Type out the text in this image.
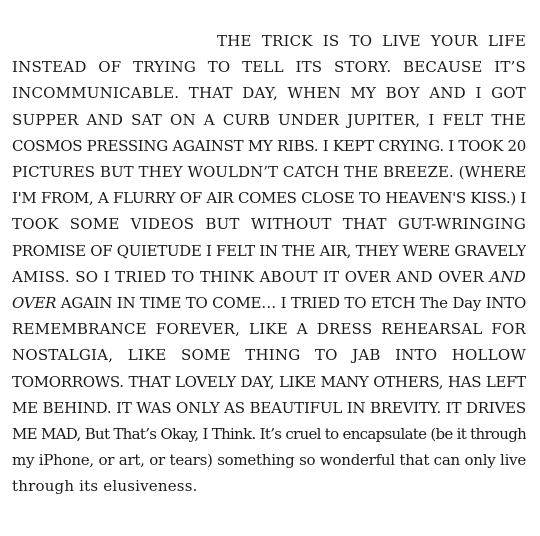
THE TRICK IS TO LIVE YOUR LIFE
INSTEAD OF TRYING TO TELL ITS STORY. BECAUSE IT’S
INCOMMUNICABLE. THAT DAY, WHEN MY BOY AND I GOT
SUPPER AND SAT ON A CURB UNDER JUPITER, I FELT THE
COSMOS PRESSING AGAINST MY RIBS. I KEPT CRYING. I TOOK 20
PICTURES BUT THEY WOULDN’T CATCH THE BREEZE. (WHERE
I'M FROM, A FLURRY OF AIR COMES CLOSE TO HEAVEN'S KISS.) I
TOOK SOME VIDEOS BUT WITHOUT THAT GUT-WRINGING
PROMISE OF QUIETUDE I FELT IN THE AIR, THEY WERE GRAVELY
AMISS. SO I TRIED TO THINK ABOUT IT OVER AND OVER AND
OVER AGAIN IN TIME TO COME… I TRIED TO ETCH The Day INTO
REMEMBRANCE FOREVER, LIKE A DRESS REHEARSAL FOR
NOSTALGIA, LIKE SOME THING TO JAB INTO HOLLOW
TOMORROWS. THAT LOVELY DAY, LIKE MANY OTHERS, HAS LEFT
ME BEHIND. IT WAS ONLY AS BEAUTIFUL IN BREVITY. IT DRIVES
ME MAD, But That’s Okay, I Think. It’s cruel to encapsulate (be it through
my iPhone, or art, or tears) something so wonderful that can only live
through its elusiveness.
